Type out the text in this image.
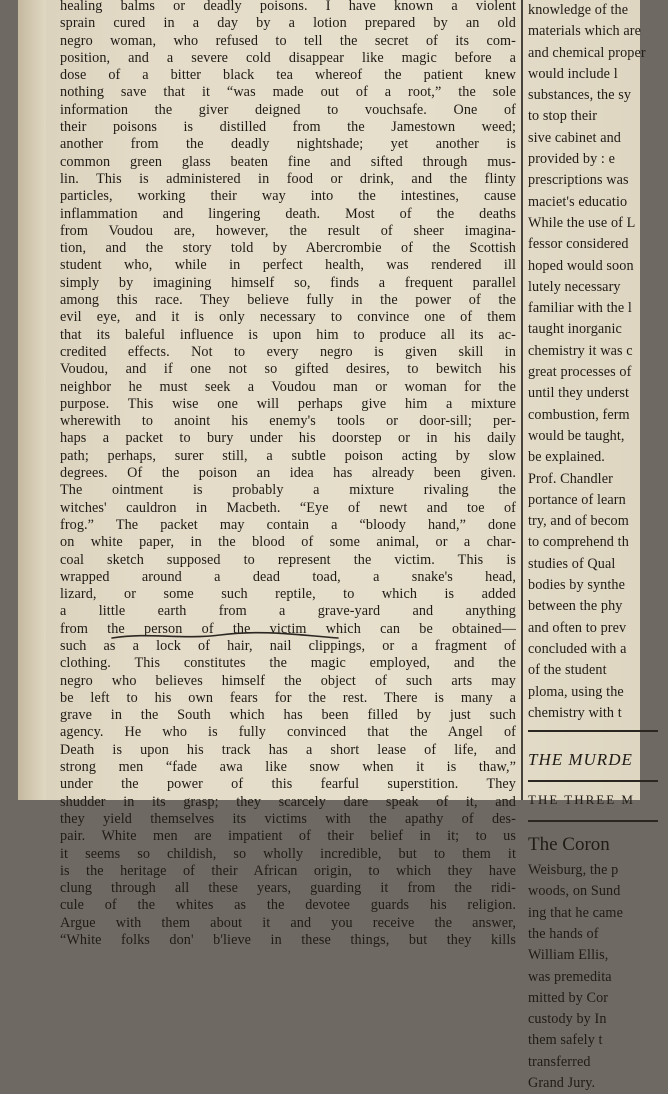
healing balms or deadly poisons. I have known a violent
sprain cured in a day by a lotion prepared by an old
negro woman, who refused to tell the secret of its com-
position, and a severe cold disappear like magic before a
dose of a bitter black tea whereof the patient knew
nothing save that it “was made out of a root,” the sole
information the giver deigned to vouchsafe. One of
their poisons is distilled from the Jamestown weed;
another from the deadly nightshade; yet another is
common green glass beaten fine and sifted through mus-
lin. This is administered in food or drink, and the flinty
particles, working their way into the intestines, cause
inflammation and lingering death. Most of the deaths
from Voudou are, however, the result of sheer imagina-
tion, and the story told by Abercrombie of the Scottish
student who, while in perfect health, was rendered ill
simply by imagining himself so, finds a frequent parallel
among this race. They believe fully in the power of the
evil eye, and it is only necessary to convince one of them
that its baleful influence is upon him to produce all its ac-
credited effects. Not to every negro is given skill in
Voudou, and if one not so gifted desires, to bewitch his
neighbor he must seek a Voudou man or woman for the
purpose. This wise one will perhaps give him a mixture
wherewith to anoint his enemy's tools or door-sill; per-
haps a packet to bury under his doorstep or in his daily
path; perhaps, surer still, a subtle poison acting by slow
degrees. Of the poison an idea has already been given.
The ointment is probably a mixture rivaling the
witches' cauldron in Macbeth. “Eye of newt and toe of
frog.” The packet may contain a “bloody hand,” done
on white paper, in the blood of some animal, or a char-
coal sketch supposed to represent the victim. This is
wrapped around a dead toad, a snake's head,
lizard, or some such reptile, to which is added
a little earth from a grave-yard and anything
from the person of the victim which can be obtained—
such as a lock of hair, nail clippings, or a fragment of
clothing. This constitutes the magic employed, and the
negro who believes himself the object of such arts may
be left to his own fears for the rest. There is many a
grave in the South which has been filled by just such
agency. He who is fully convinced that the Angel of
Death is upon his track has a short lease of life, and
strong men “fade awa like snow when it is thaw,”
under the power of this fearful superstition. They
shudder in its grasp; they scarcely dare speak of it, and
they yield themselves its victims with the apathy of des-
pair. White men are impatient of their belief in it; to us
it seems so childish, so wholly incredible, but to them it
is the heritage of their African origin, to which they have
clung through all these years, guarding it from the ridi-
cule of the whites as the devotee guards his religion.
Argue with them about it and you receive the answer,
“White folks don' b'lieve in these things, but they kills
knowledge of the
materials which are
and chemical proper
would include l
substances, the sy
to stop their
sive cabinet and
provided by : e
prescriptions was
maciet's educatio
While the use of L
fessor considered
hoped would soon
lutely necessary
familiar with the l
taught inorganic
chemistry it was c
great processes of
until they underst
combustion, ferm
would be taught,
be explained.
Prof. Chandler
portance of learn
try, and of becom
to comprehend th
studies of Qual
bodies by synthe
between the phy
and often to prev
concluded with a
of the student
ploma, using the
chemistry with t
THE MURDE
THE THREE M
The Coron
Weisburg, the p
woods, on Sund
ing that he came
the hands of
William Ellis,
was premedita
mitted by Cor
custody by In
them safely t
transferred
Grand Jury.
